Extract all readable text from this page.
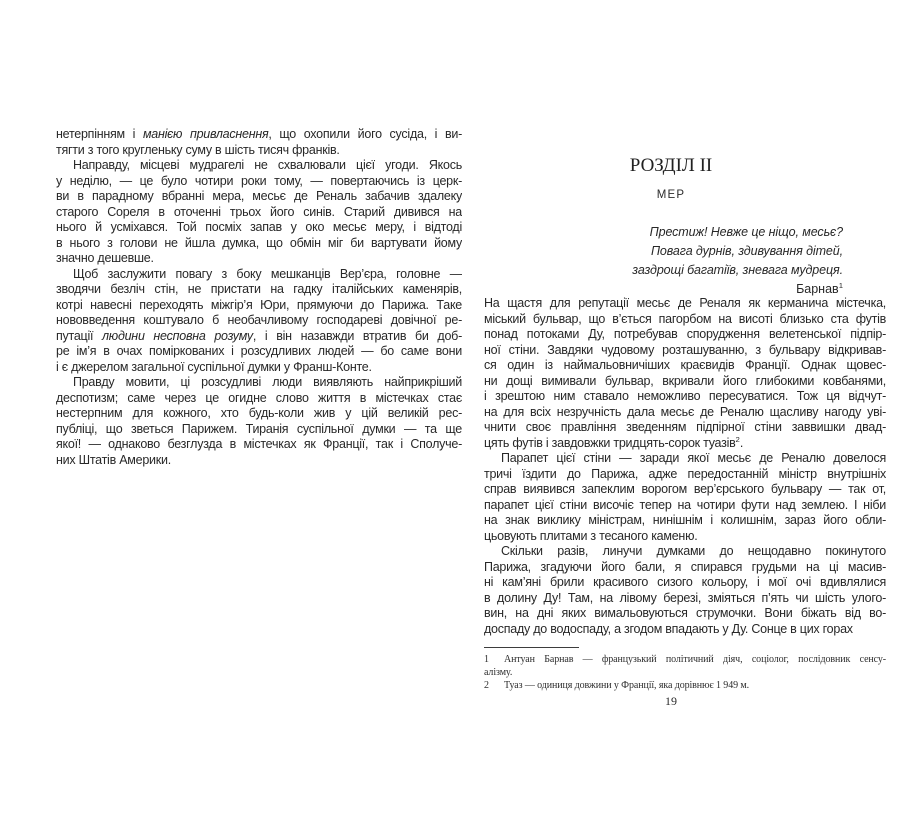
нетерпінням і манією привласнення, що охопили його сусіда, і ви-
тягти з того кругленьку суму в шість тисяч франків.
Направду, місцеві мудрагелі не схвалювали цієї угоди. Якось
у неділю, — це було чотири роки тому, — повертаючись із церк-
ви в парадному вбранні мера, месьє де Реналь забачив здалеку
старого Сореля в оточенні трьох його синів. Старий дивився на
нього й усміхався. Той посміх запав у око месьє меру, і відтоді
в нього з голови не йшла думка, що обмін міг би вартувати йому
значно дешевше.
Щоб заслужити повагу з боку мешканців Вер’єра, головне —
зводячи безліч стін, не пристати на гадку італійських каменярів,
котрі навесні переходять міжгір’я Юри, прямуючи до Парижа. Таке
нововведення коштувало б необачливому господареві довічної ре-
путації людини несповна розуму, і він назавжди втратив би доб-
ре ім’я в очах поміркованих і розсудливих людей — бо саме вони
і є джерелом загальної суспільної думки у Франш-Конте.
Правду мовити, ці розсудливі люди виявляють найприкріший
деспотизм; саме через це огидне слово життя в містечках стає
нестерпним для кожного, хто будь-коли жив у цій великій рес-
публіці, що зветься Парижем. Тиранія суспільної думки — та ще
якої! — однаково безглузда в містечках як Франції, так і Сполуче-
них Штатів Америки.
РОЗДІЛ II
МЕР
Престиж! Невже це ніщо, месьє?
Повага дурнів, здивування дітей,
заздрощі багатіїв, зневага мудреця.
Барнав$^1$
На щастя для репутації месьє де Реналя як керманича містечка,
міський бульвар, що в’ється пагорбом на висоті близько ста футів
понад потоками Ду, потребував спорудження велетенської підпір-
ної стіни. Завдяки чудовому розташуванню, з бульвару відкривав-
ся один із наймальовничіших краєвидів Франції. Однак щовес-
ни дощі вимивали бульвар, вкривали його глибокими ковбанями,
і зрештою ним ставало неможливо пересуватися. Тож ця відчут-
на для всіх незручність дала месьє де Реналю щасливу нагоду уві-
чнити своє правління зведенням підпірної стіни заввишки двад-
цять футів і завдовжки тридцять-сорок туазів$^2$.
Парапет цієї стіни — заради якої месьє де Реналю довелося
тричі їздити до Парижа, адже передостанній міністр внутрішніх
справ виявився запеклим ворогом вер’єрського бульвару — так от,
парапет цієї стіни височіє тепер на чотири фути над землею. І ніби
на знак виклику міністрам, нинішнім і колишнім, зараз його обли-
цьовують плитами з тесаного каменю.
Скільки разів, линучи думками до нещодавно покинутого
Парижа, згадуючи його бали, я спирався грудьми на ці масив-
ні кам’яні брили красивого сизого кольору, і мої очі вдивлялися
в долину Ду! Там, на лівому березі, зміяться п’ять чи шість улого-
вин, на дні яких вимальовуються струмочки. Вони біжать від во-
доспаду до водоспаду, а згодом впадають у Ду. Сонце в цих горах
1 Антуан Барнав — французький політичний діяч, соціолог, послідовник сенсу-
алізму.
2 Туаз — одиниця довжини у Франції, яка дорівнює 1 949 м.
19
